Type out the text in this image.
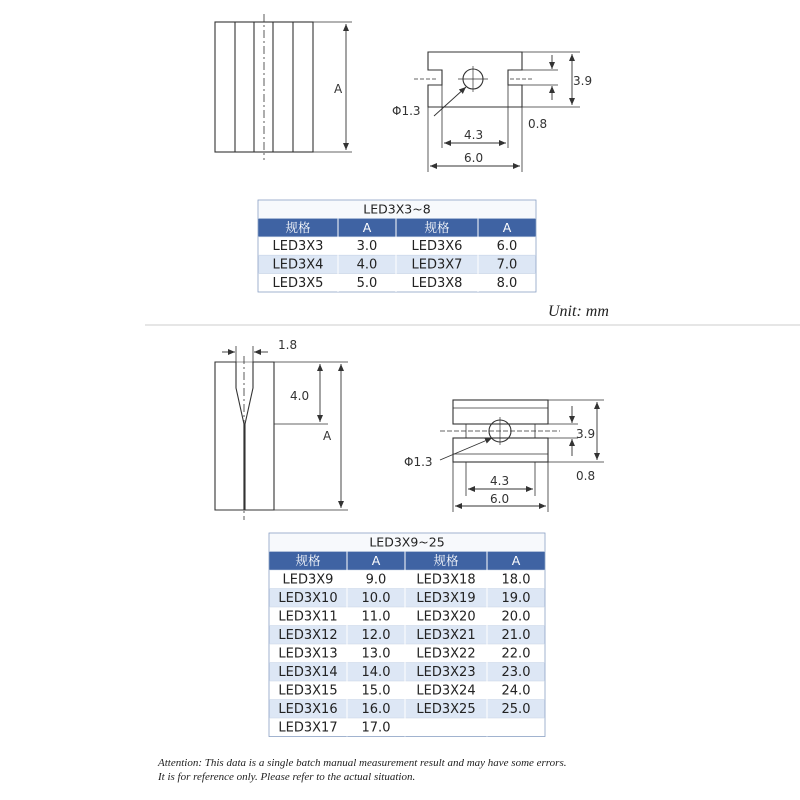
A
3.9
0.8
4.3
6.0
Φ1.3
LED3X3~8
规格	A	规格	A
LED3X3	3.0	LED3X6	6.0
LED3X4	4.0	LED3X7	7.0
LED3X5	5.0	LED3X8	8.0
Unit: mm
1.8
4.0
A	3.9
0.8
4.3
6.0
Φ1.3
LED3X9~25
规格	A	规格	A
LED3X9 9.0 LED3X18 18.0
LED3X10 10.0 LED3X19 19.0
LED3X11 11.0 LED3X20 20.0
LED3X12 12.0 LED3X21 21.0
LED3X13 13.0 LED3X22 22.0
LED3X14 14.0 LED3X23 23.0
LED3X15 15.0 LED3X24 24.0
LED3X16 16.0 LED3X25 25.0
LED3X17 17.0
Attention: This data is a single batch manual measurement result and may have some errors.
It is for reference only. Please refer to the actual situation.
